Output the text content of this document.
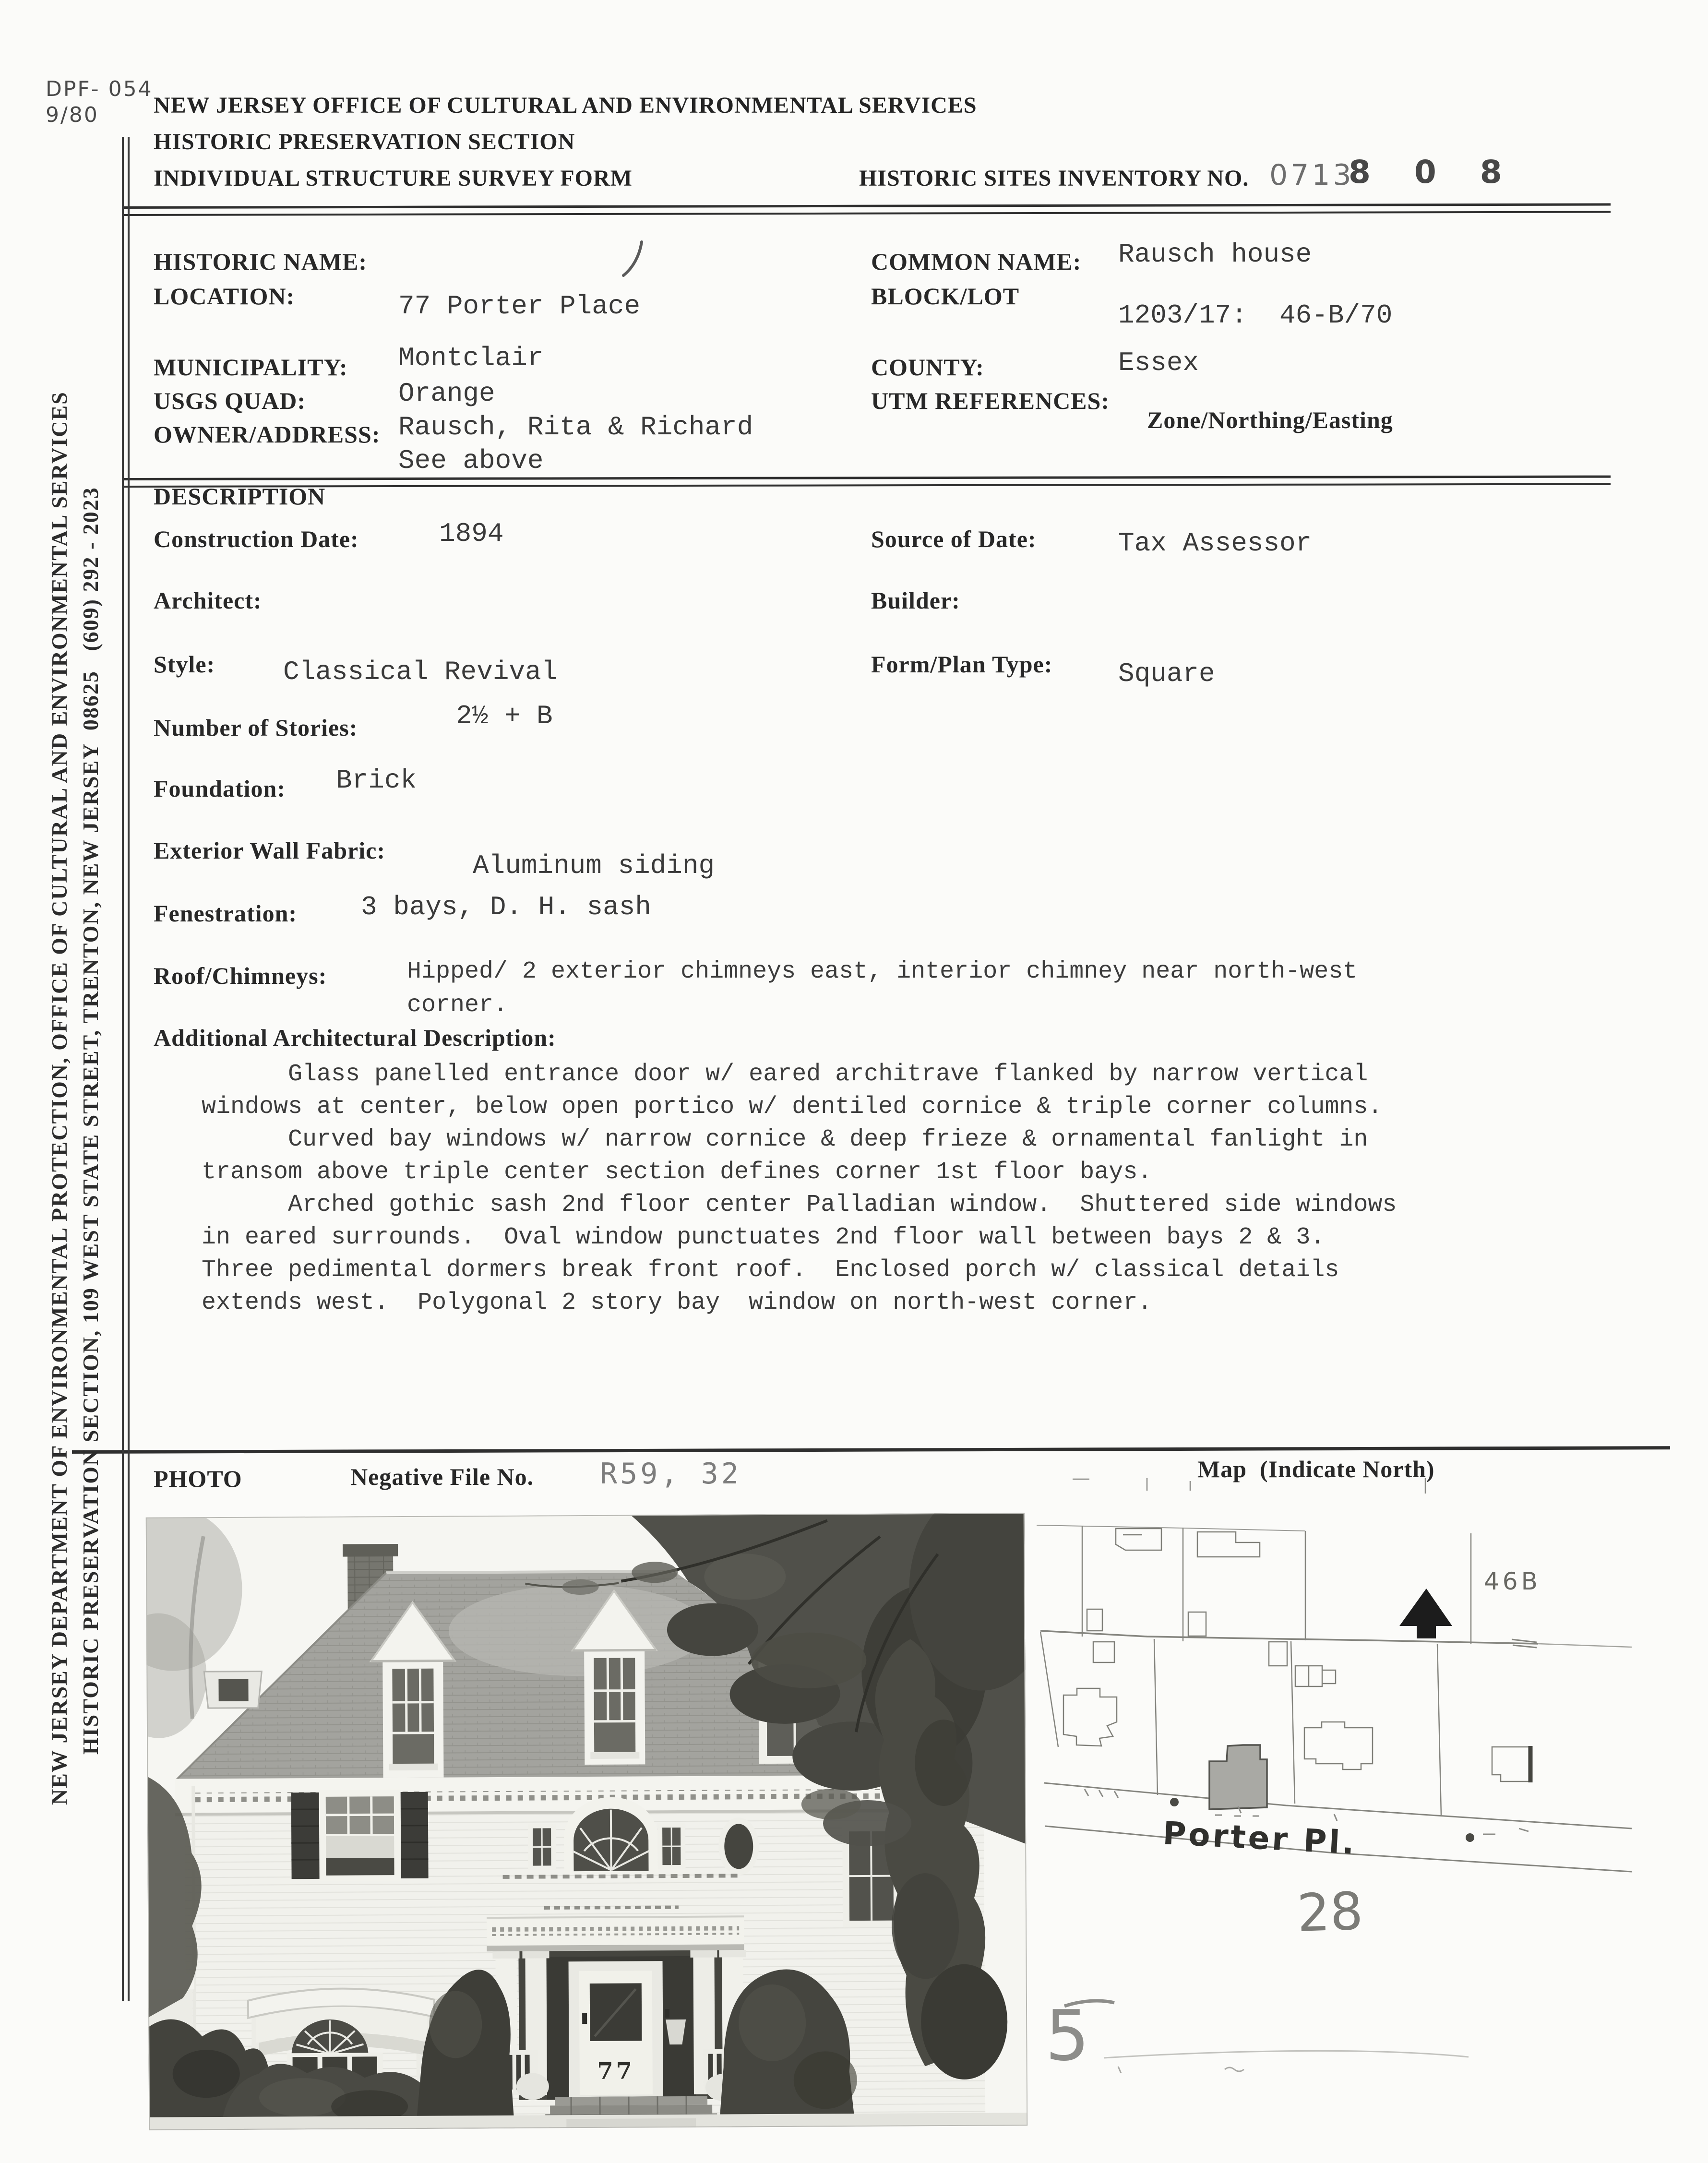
DPF- 054
9/80 NEW JERSEY OFFICE OF CULTURAL AND ENVIRONMENTAL SERVICES
HISTORIC PRESERVATION SECTION
INDIVIDUAL STRUCTURE SURVEY FORM	HISTORIC SITES INVENTORY NO. 0713
8 0 8
NEW JERSEY DEPARTMENT OF ENVIRONMENTAL PROTECTION, OFFICE OF CULTURAL AND ENVIRONMENTAL SERVICES HISTORIC PRESERVATION SECTION, 109 WEST STATE STREET, TRENTON, NEW JERSEY  08625   (609) 292 - 2023
HISTORIC NAME:	COMMON NAME: Rausch house
LOCATION:	77 Porter Place	BLOCK/LOT
1203/17:  46-B/70
MUNICIPALITY: Montclair	COUNTY:	Essex
USGS QUAD:	Orange	UTM REFERENCES:
Zone/Northing/Easting
OWNER/ADDRESS: Rausch, Rita & Richard
See above
DESCRIPTION
Construction Date:	1894	Source of Date:	Tax Assessor
Architect:	Builder:
Style:	Classical Revival	Form/Plan Type: Square
Number of Stories:	2½ + B
Foundation: Brick
Exterior Wall Fabric:	Aluminum siding
Fenestration: 3 bays, D. H. sash
Roof/Chimneys:	Hipped/ 2 exterior chimneys east, interior chimney near north-west
corner.
Additional Architectural Description:
Glass panelled entrance door w/ eared architrave flanked by narrow vertical
windows at center, below open portico w/ dentiled cornice & triple corner columns.
Curved bay windows w/ narrow cornice & deep frieze & ornamental fanlight in
transom above triple center section defines corner 1st floor bays.
Arched gothic sash 2nd floor center Palladian window.  Shuttered side windows
in eared surrounds.  Oval window punctuates 2nd floor wall between bays 2 & 3.
Three pedimental dormers break front roof.  Enclosed porch w/ classical details
extends west.  Polygonal 2 story bay  window on north-west corner.
PHOTO	Negative File No. R59, 32	Map  (Indicate North)
77
46B
Porter Pl.
28
5
